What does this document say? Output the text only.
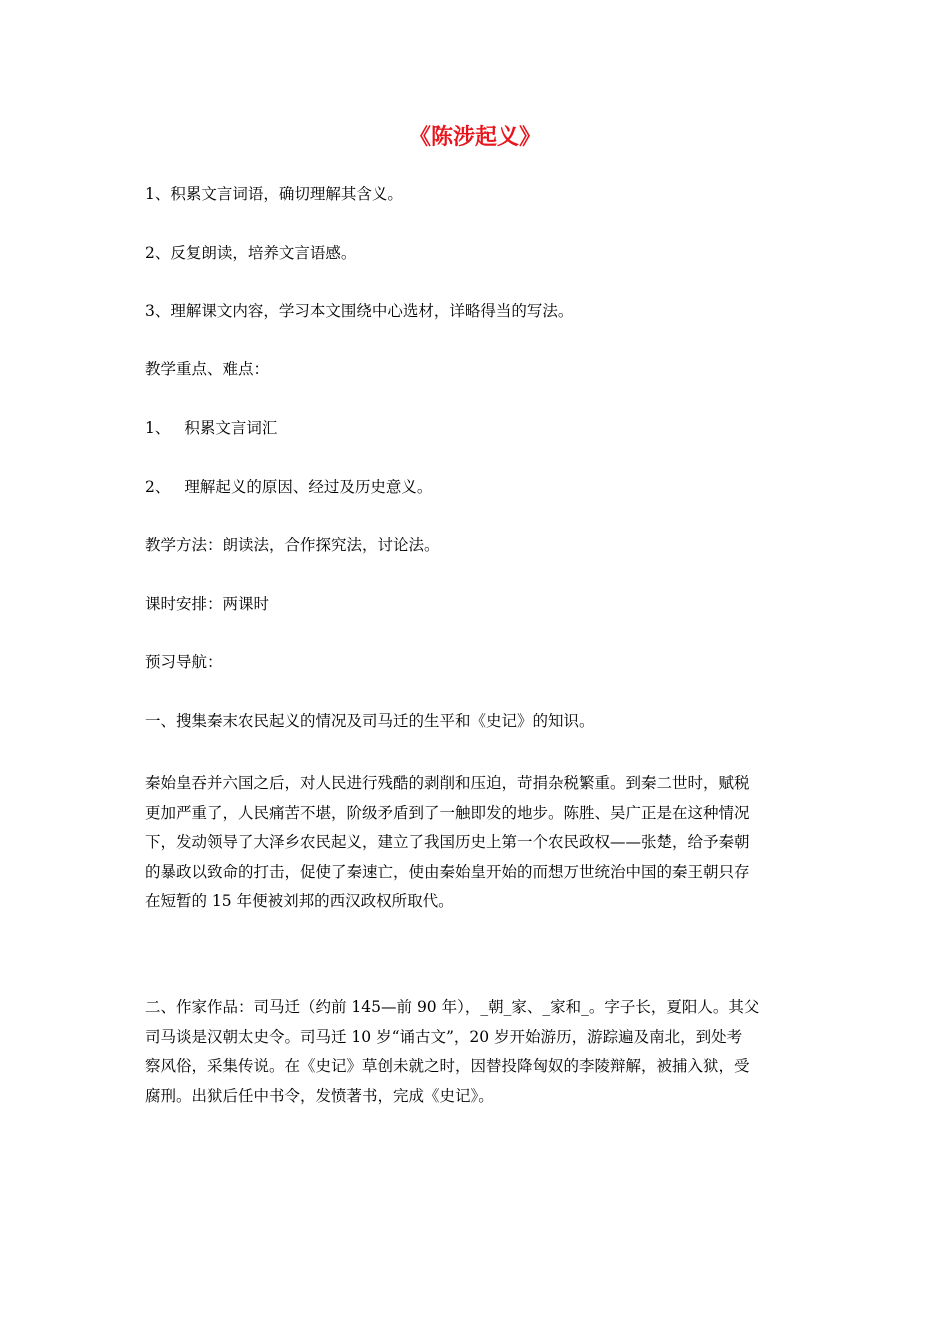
《陈涉起义》
1、积累文言词语，确切理解其含义。
2、反复朗读，培养文言语感。
3、理解课文内容，学习本文围绕中心选材，详略得当的写法。
教学重点、难点：
1、 积累文言词汇
2、 理解起义的原因、经过及历史意义。
教学方法：朗读法，合作探究法，讨论法。
课时安排：两课时
预习导航：
一、搜集秦末农民起义的情况及司马迁的生平和《史记》的知识。
秦始皇吞并六国之后，对人民进行残酷的剥削和压迫，苛捐杂税繁重。到秦二世时，赋税
更加严重了，人民痛苦不堪，阶级矛盾到了一触即发的地步。陈胜、吴广正是在这种情况
下，发动领导了大泽乡农民起义，建立了我国历史上第一个农民政权——张楚，给予秦朝
的暴政以致命的打击，促使了秦速亡，使由秦始皇开始的而想万世统治中国的秦王朝只存
在短暂的 15 年便被刘邦的西汉政权所取代。
二、作家作品：司马迁（约前 145—前 90 年），_朝_家、_家和_。字子长，夏阳人。其父
司马谈是汉朝太史令。司马迁 10 岁“诵古文”，20 岁开始游历，游踪遍及南北，到处考
察风俗，采集传说。在《史记》草创未就之时，因替投降匈奴的李陵辩解，被捕入狱，受
腐刑。出狱后任中书令，发愤著书，完成《史记》。
